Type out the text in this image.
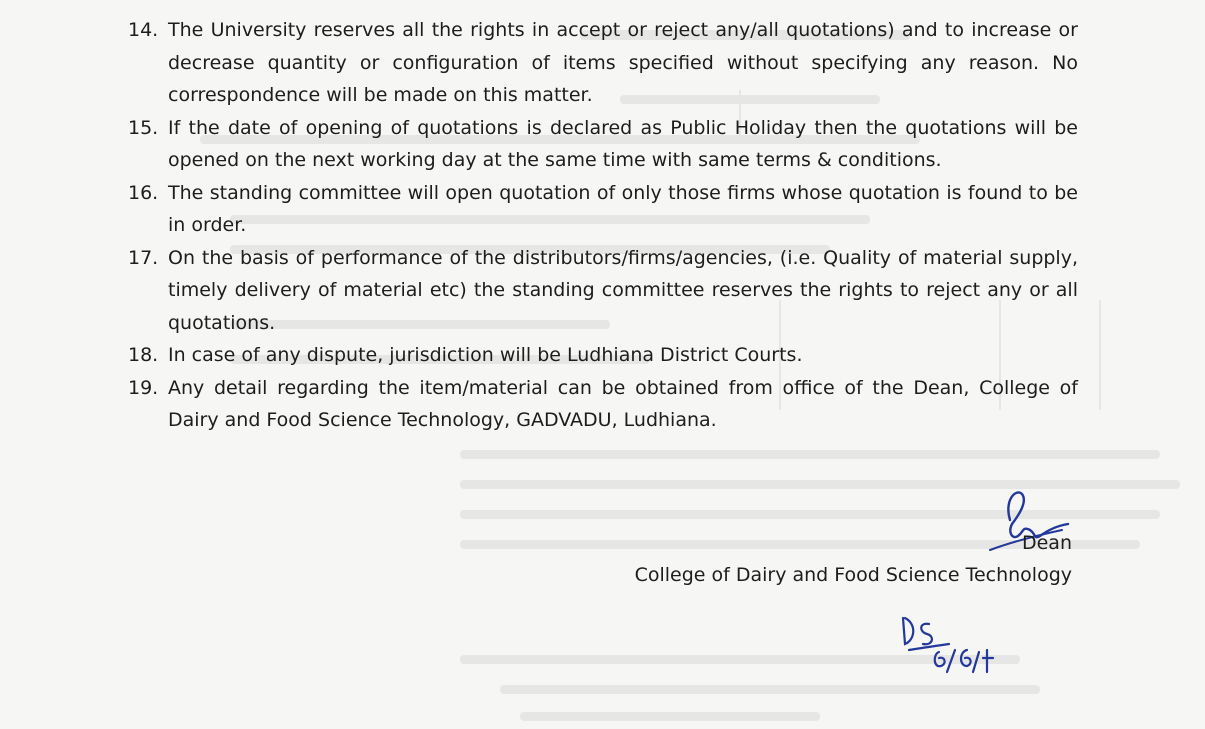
14. The University reserves all the rights in accept or reject any/all quotations) and to increase or decrease quantity or configuration of items specified without specifying any reason. No correspondence will be made on this matter.
15. If the date of opening of quotations is declared as Public Holiday then the quotations will be opened on the next working day at the same time with same terms & conditions.
16. The standing committee will open quotation of only those firms whose quotation is found to be in order.
17. On the basis of performance of the distributors/firms/agencies, (i.e. Quality of material supply, timely delivery of material etc) the standing committee reserves the rights to reject any or all quotations.
18. In case of any dispute, jurisdiction will be Ludhiana District Courts.
19. Any detail regarding the item/material can be obtained from office of the Dean, College of Dairy and Food Science Technology, GADVADU, Ludhiana.
Dean
College of Dairy and Food Science Technology
